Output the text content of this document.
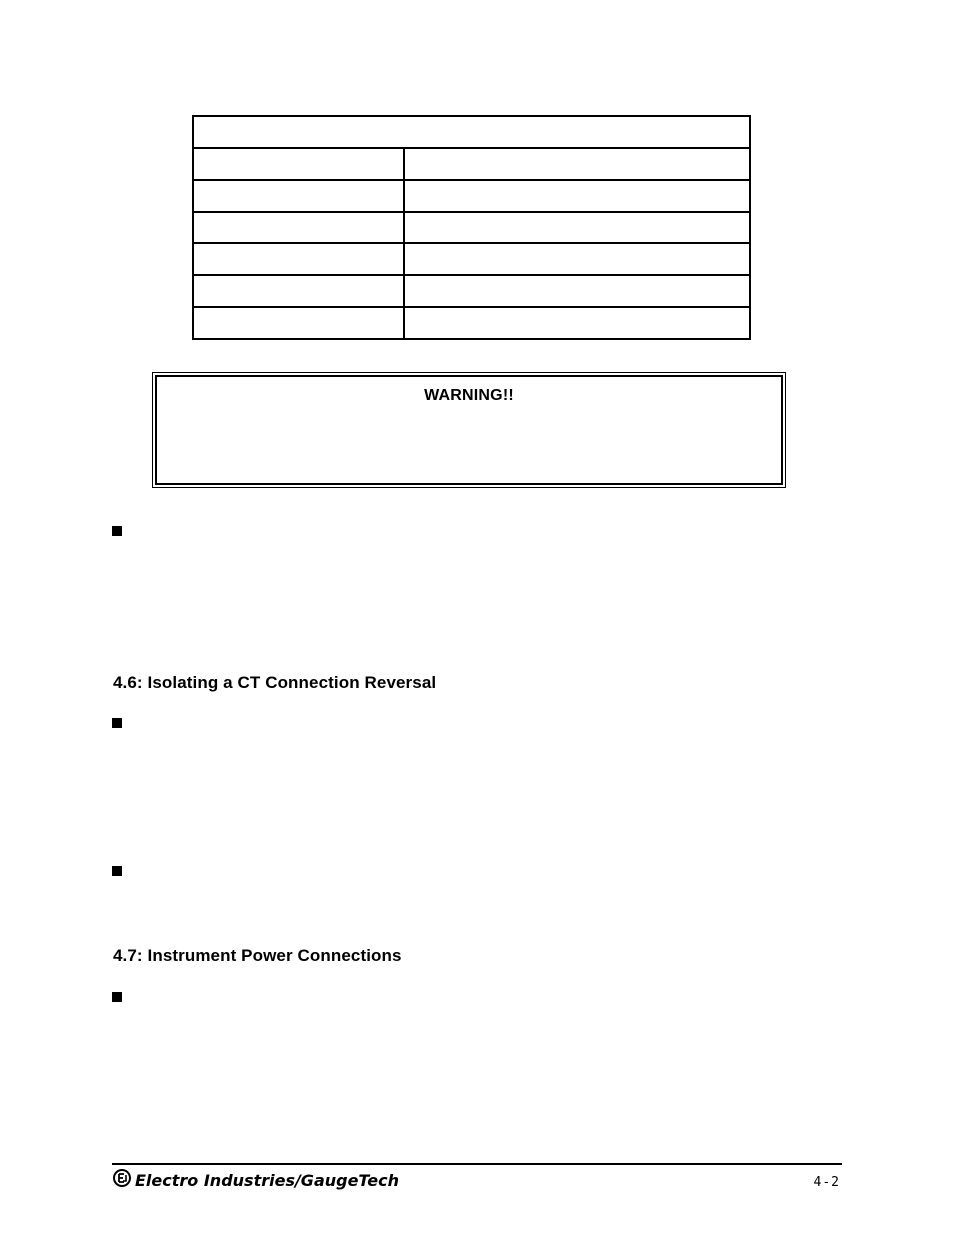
WARNING!!
4.6: Isolating a CT Connection Reversal
4.7: Instrument Power Connections
Electro Industries/GaugeTech	4-2
